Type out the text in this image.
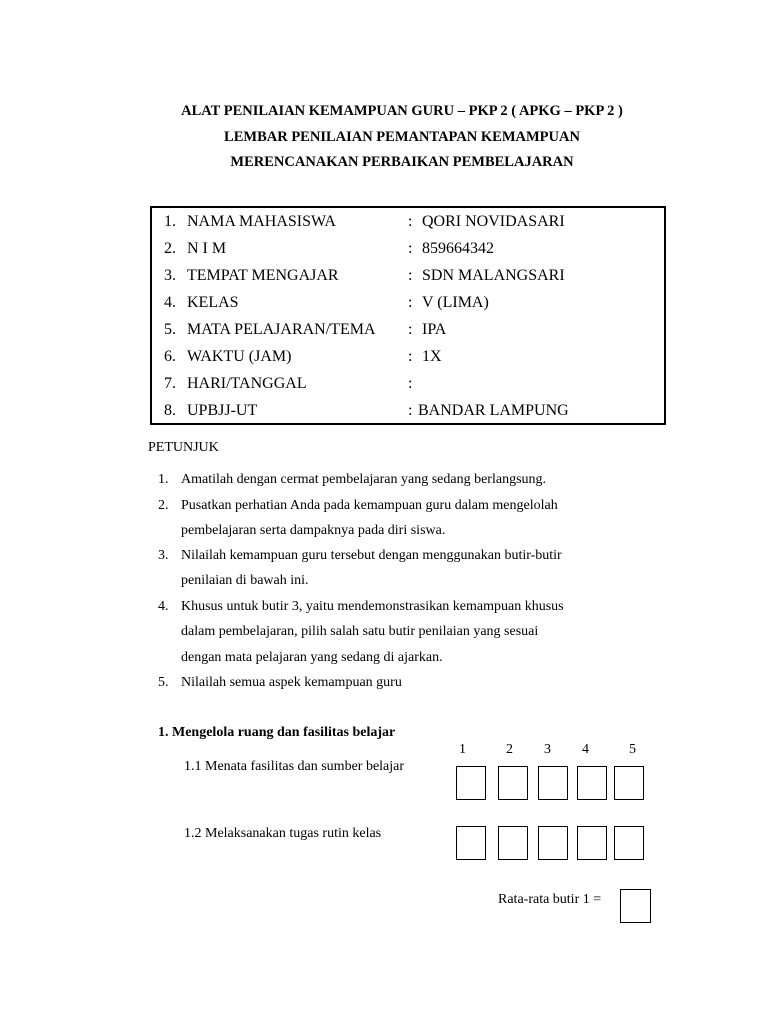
ALAT PENILAIAN KEMAMPUAN GURU – PKP 2 ( APKG – PKP 2 )
LEMBAR PENILAIAN PEMANTAPAN KEMAMPUAN
MERENCANAKAN PERBAIKAN PEMBELAJARAN
1. NAMA MAHASISWA	: QORI NOVIDASARI
2. N I M	: 859664342
3. TEMPAT MENGAJAR	: SDN MALANGSARI
4. KELAS	: V (LIMA)
5. MATA PELAJARAN/TEMA : IPA
6. WAKTU (JAM)	: 1X
7. HARI/TANGGAL	:
8. UPBJJ-UT	: BANDAR LAMPUNG
PETUNJUK
1. Amatilah dengan cermat pembelajaran yang sedang berlangsung.
2. Pusatkan perhatian Anda pada kemampuan guru dalam mengelolah
pembelajaran serta dampaknya pada diri siswa.
3. Nilailah kemampuan guru tersebut dengan menggunakan butir-butir
penilaian di bawah ini.
4. Khusus untuk butir 3, yaitu mendemonstrasikan kemampuan khusus
dalam pembelajaran, pilih salah satu butir penilaian yang sesuai
dengan mata pelajaran yang sedang di ajarkan.
5. Nilailah semua aspek kemampuan guru
1. Mengelola ruang dan fasilitas belajar
1	2 3 4	5
1.1 Menata fasilitas dan sumber belajar
1.2 Melaksanakan tugas rutin kelas
Rata-rata butir 1 =
